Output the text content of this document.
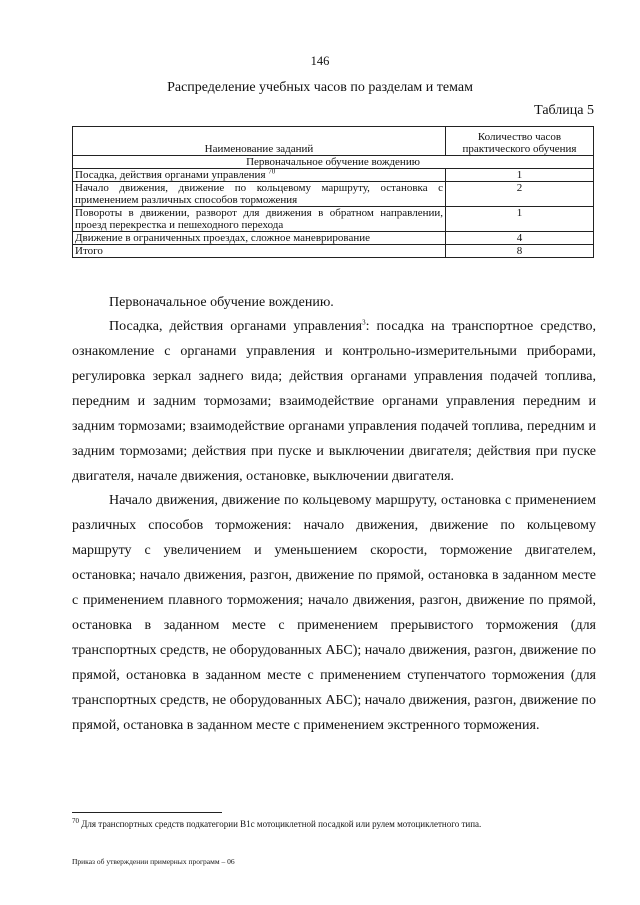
146
Распределение учебных часов по разделам и темам
Таблица 5
Наименование заданий	Количество часов практического обучения
Первоначальное обучение вождению	
Посадка, действия органами управления $^{70}$	1
Начало движения, движение по кольцевому маршруту, остановка с применением различных способов торможения	2
Повороты в движении, разворот для движения в обратном направлении, проезд перекрестка и пешеходного перехода	1
Движение в ограниченных проездах, сложное маневрирование	4
Итого	8

Первоначальное обучение вождению.

Посадка, действия органами управления$^3$: посадка на транспортное средство, ознакомление с органами управления и контрольно-измерительными приборами, регулировка зеркал заднего вида; действия органами управления подачей топлива, передним и задним тормозами; взаимодействие органами управления передним и задним тормозами; взаимодействие органами управления подачей топлива, передним и задним тормозами; действия при пуске и выключении двигателя; действия при пуске двигателя, начале движения, остановке, выключении двигателя.

Начало движения, движение по кольцевому маршруту, остановка с применением различных способов торможения: начало движения, движение по кольцевому маршруту с увеличением и уменьшением скорости, торможение двигателем, остановка; начало движения, разгон, движение по прямой, остановка в заданном месте с применением плавного торможения; начало движения, разгон, движение по прямой, остановка в заданном месте с применением прерывистого торможения (для транспортных средств, не оборудованных АБС); начало движения, разгон, движение по прямой, остановка в заданном месте с применением ступенчатого торможения (для транспортных средств, не оборудованных АБС); начало движения, разгон, движение по прямой, остановка в заданном месте с применением экстренного торможения.

$^{70}$ Для транспортных средств подкатегории В1с мотоциклетной посадкой или рулем мотоциклетного типа.
Приказ об утверждении примерных программ – 06
